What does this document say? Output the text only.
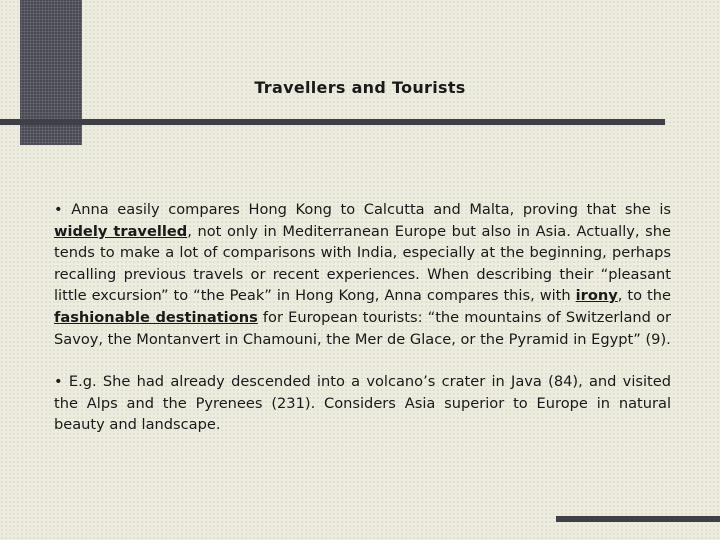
Travellers and Tourists

• Anna easily compares Hong Kong to Calcutta and Malta, proving that she is widely travelled, not only in Mediterranean Europe but also in Asia. Actually, she tends to make a lot of comparisons with India, especially at the beginning, perhaps recalling previous travels or recent experiences. When describing their “pleasant little excursion” to “the Peak” in Hong Kong, Anna compares this, with irony, to the fashionable destinations for European tourists: “the mountains of Switzerland or Savoy, the Montanvert in Chamouni, the Mer de Glace, or the Pyramid in Egypt” (9).

• E.g. She had already descended into a volcano’s crater in Java (84), and visited the Alps and the Pyrenees (231). Considers Asia superior to Europe in natural beauty and landscape.
